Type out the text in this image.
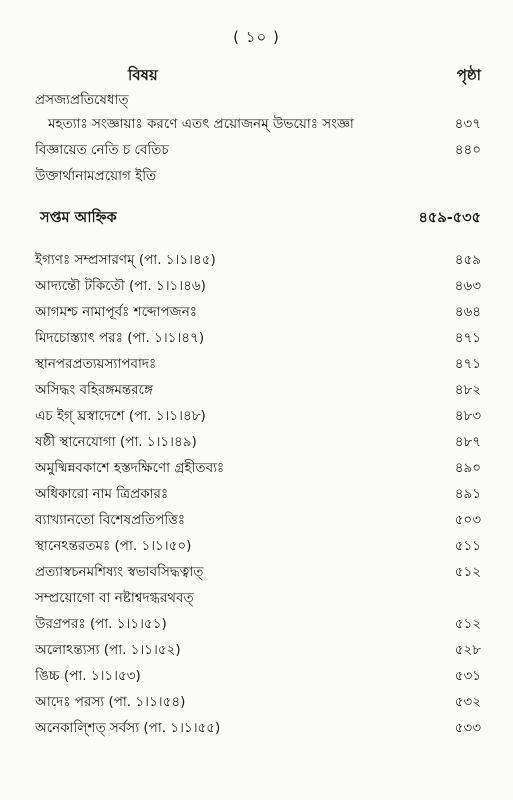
( ১০ )
বিষয়	পৃষ্ঠা
প্রসজ্যপ্রতিষেধাত্
মহত্যাঃ সংজ্ঞায়াঃ করণে এতৎ প্রয়োজনম্ উভয়োঃ সংজ্ঞা	৪৩৭
বিজ্ঞায়েত নেতি চ বেতিচ	৪৪০
উক্তার্থানামপ্রয়োগ ইতি
সপ্তম আহ্নিক	৪৫৯-৫৩৫
ইগ্যণঃ সম্প্রসারণম্ (পা. ১।১।৪৫)	৪৫৯
আদ্যন্তৌ টকিতৌ (পা. ১।১।৪৬)	৪৬৩
আগমশ্চ নামাপূর্বঃ শব্দোপজনঃ	৪৬৪
মিদচোস্ত্যাৎ পরঃ (পা. ১।১।৪৭)	৪৭১
স্থানপরপ্রত্যয়স্যাপবাদঃ	৪৭১
অসিদ্ধং বহিরঙ্গমন্তরঙ্গে	৪৮২
এচ ইগ্ ঘ্রস্বাদেশে (পা. ১।১।৪৮)	৪৮৩
ষষ্ঠী স্থানেযোগা (পা. ১।১।৪৯)	৪৮৭
অমুষ্মিন্নবকাশে হস্তদক্ষিণো গ্রহীতব্যঃ	৪৯০
অধিকারো নাম ত্রিপ্রকারঃ	৪৯১
ব্যাখ্যানতো বিশেষপ্রতিপত্তিঃ	৫০৩
স্থানেঽন্তরতমঃ (পা. ১।১।৫০)	৫১১
প্রত্যাস্বচনমশিষ্যং স্বভাবসিদ্ধত্বাত্	৫১২
সম্প্রয়োগো বা নষ্টাশ্বদগ্ধরথবত্
উরণ্রপরঃ (পা. ১।১।৫১)	৫১২
অলোঽন্ত্যস্য (পা. ১।১।৫২)	৫২৮
ঙিচ্চ (পা. ১।১।৫৩)	৫৩১
আদেঃ পরস্য (পা. ১।১।৫৪)	৫৩২
অনেকাল্শিত্ সর্বস্য (পা. ১।১।৫৫)	৫৩৩
